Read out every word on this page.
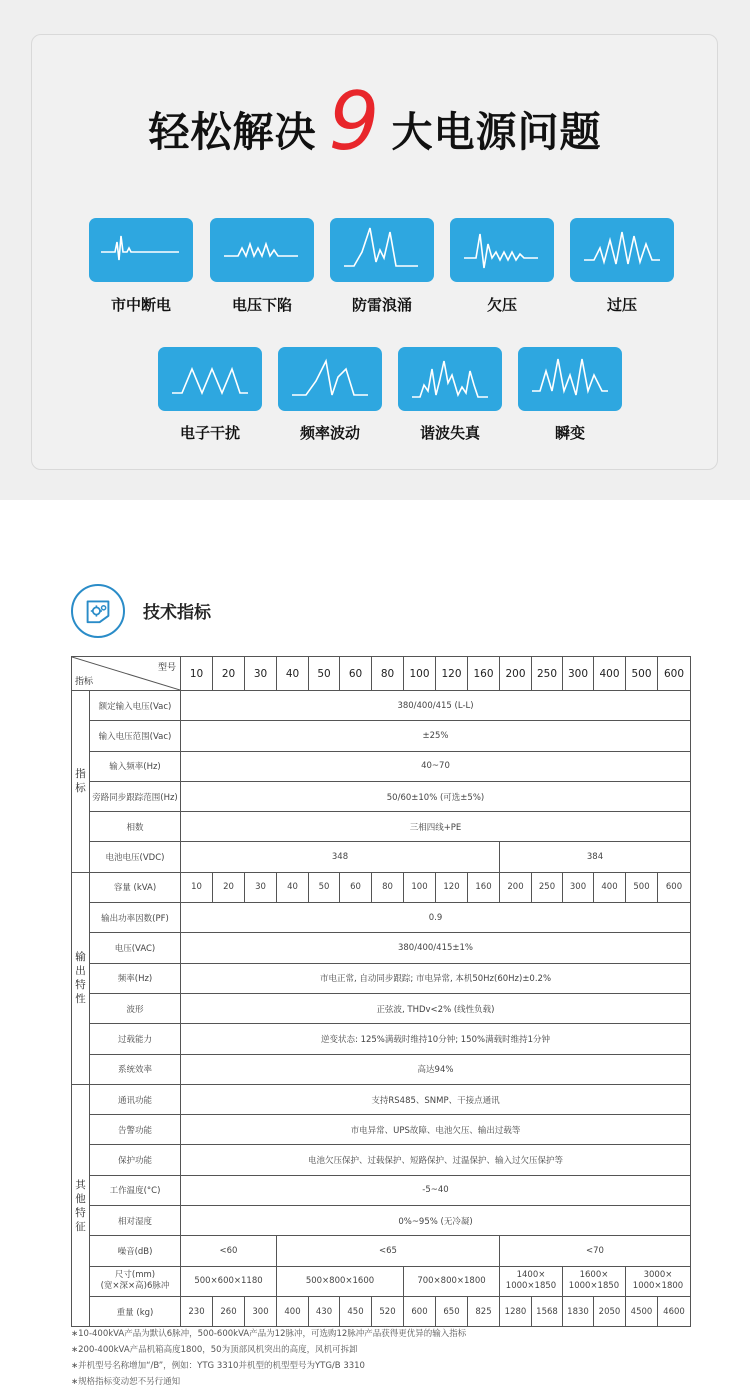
轻松解决 9 大电源问题
市中断电	电压下陷	防雷浪涌	欠压	过压
电子干扰	频率波动	谐波失真	瞬变
技术指标
型号
指标		10	20	30	40	50	60	80	100	120	160	200	250	300	400	500	600
指
标	额定输入电压(Vac)	380/400/415 (L-L)															
	输入电压范围(Vac)	±25%															
	输入频率(Hz)	40~70															
	旁路同步跟踪范围(Hz)	50/60±10% (可选±5%)															
	相数	三相四线+PE															
	电池电压(VDC)	348										384					
输
出
特
性	容量 (kVA)	10	20	30	40	50	60	80	100	120	160	200	250	300	400	500	600
	输出功率因数(PF)	0.9															
	电压(VAC)	380/400/415±1%															
	频率(Hz)	市电正常, 自动同步跟踪; 市电异常, 本机50Hz(60Hz)±0.2%															
	波形	正弦波, THDv<2% (线性负载)															
	过载能力	逆变状态: 125%满载时维持10分钟; 150%满载时维持1分钟															
	系统效率	高达94%															
其
他
特
征	通讯功能	支持RS485、SNMP、干接点通讯															
	告警功能	市电异常、UPS故障、电池欠压、输出过载等															
	保护功能	电池欠压保护、过载保护、短路保护、过温保护、输入过欠压保护等															
	工作温度(°C)	-5~40															
	相对湿度	0%~95% (无冷凝)															
	噪音(dB)	<60			<65							<70					
	尺寸(mm)
(宽×深×高)6脉冲	500×600×1180			500×800×1600				700×800×1800			1400×
1000×1850		1600×
1000×1850		3000×
1000×1800	
	重量 (kg)	230	260	300	400	430	450	520	600	650	825	1280	1568	1830	2050	4500	4600
∗10-400kVA产品为默认6脉冲，500-600kVA产品为12脉冲，可选购12脉冲产品获得更优异的输入指标
∗200-400kVA产品机箱高度1800，50为顶部风机突出的高度，风机可拆卸
∗并机型号名称增加“/B”，例如：YTG 3310并机型的机型型号为YTG/B 3310
∗规格指标变动恕不另行通知
